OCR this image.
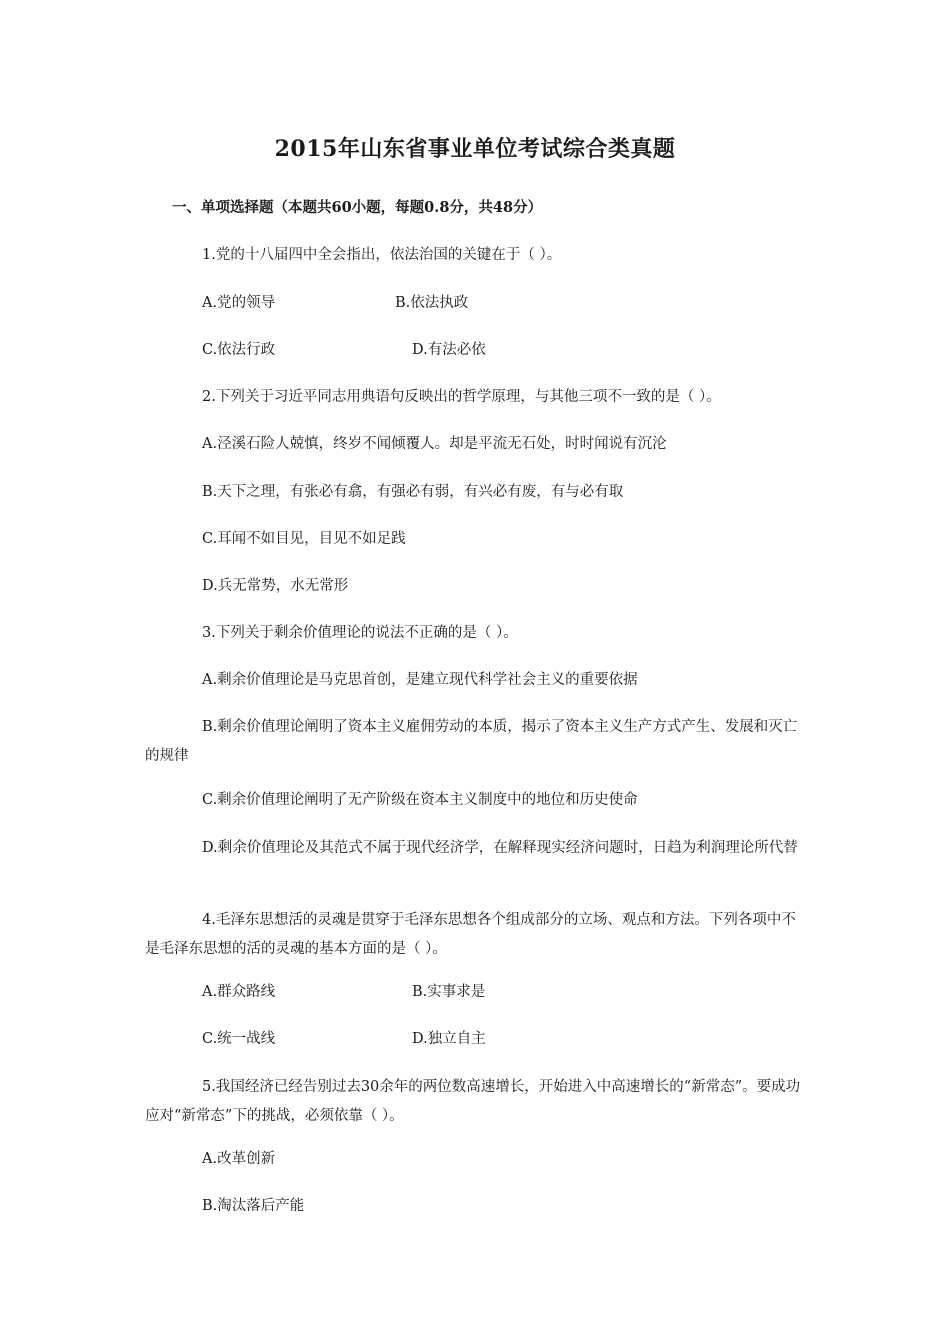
2015年山东省事业单位考试综合类真题
一、单项选择题（本题共60小题，每题0.8分，共48分）
1.党的十八届四中全会指出，依法治国的关键在于（ ）。
A.党的领导	B.依法执政
C.依法行政	D.有法必依
2.下列关于习近平同志用典语句反映出的哲学原理，与其他三项不一致的是（ ）。
A.泾溪石险人兢慎，终岁不闻倾覆人。却是平流无石处，时时闻说有沉沦
B.天下之理，有张必有翕，有强必有弱，有兴必有废，有与必有取
C.耳闻不如目见，目见不如足践
D.兵无常势，水无常形
3.下列关于剩余价值理论的说法不正确的是（ ）。
A.剩余价值理论是马克思首创，是建立现代科学社会主义的重要依据
B.剩余价值理论阐明了资本主义雇佣劳动的本质，揭示了资本主义生产方式产生、发展和灭亡的规律
C.剩余价值理论阐明了无产阶级在资本主义制度中的地位和历史使命
D.剩余价值理论及其范式不属于现代经济学，在解释现实经济问题时，日趋为利润理论所代替
4.毛泽东思想活的灵魂是贯穿于毛泽东思想各个组成部分的立场、观点和方法。下列各项中不是毛泽东思想的活的灵魂的基本方面的是（ ）。
A.群众路线	B.实事求是
C.统一战线	D.独立自主
5.我国经济已经告别过去30余年的两位数高速增长，开始进入中高速增长的“新常态”。要成功应对“新常态”下的挑战，必须依靠（ ）。
A.改革创新
B.淘汰落后产能
